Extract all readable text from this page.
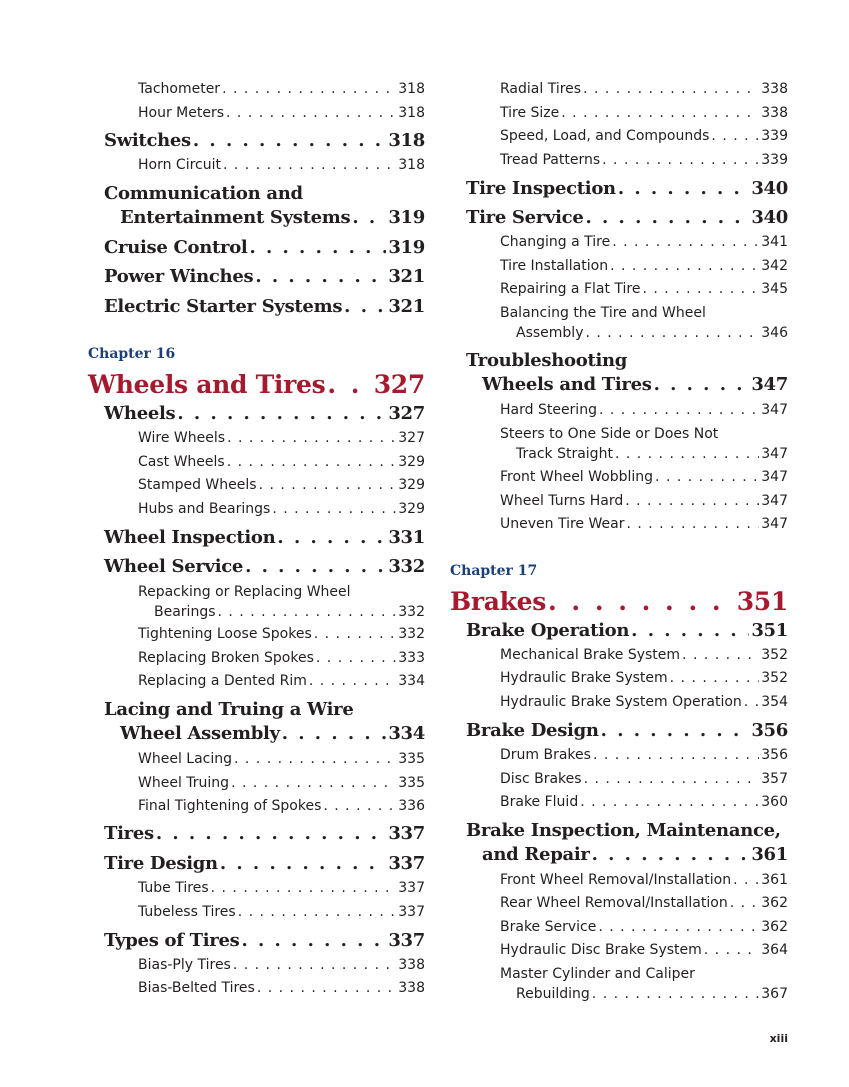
Tachometer . . .	318
Hour Meters . . .	318
Switches . . .	318
Horn Circuit . . .	318
Communication and
Entertainment Systems . . . 319
Cruise Control . . .	319
Power Winches . . .	321
Electric Starter Systems . . .	321
Chapter 16
Wheels and Tires . . . 327
Wheels . . .	327
Wire Wheels . . .	327
Cast Wheels . . .	329
Stamped Wheels . . .	329
Hubs and Bearings . . .	329
Wheel Inspection . . .	331
Wheel Service . . .	332
Repacking or Replacing Wheel
Bearings . . .	332
Tightening Loose Spokes . . .	332
Replacing Broken Spokes . . .	333
Replacing a Dented Rim . . .	334
Lacing and Truing a Wire
Wheel Assembly . . .	334
Wheel Lacing . . .	335
Wheel Truing . . .	335
Final Tightening of Spokes . . .	336
Tires . . .	337
Tire Design . . .	337
Tube Tires . . .	337
Tubeless Tires . . .	337
Types of Tires . . .	337
Bias-Ply Tires . . .	338
Bias-Belted Tires . . .	338
Radial Tires . . .	338
Tire Size . . .	338
Speed, Load, and Compounds . . .	339
Tread Patterns . . .	339
Tire Inspection . . .	340
Tire Service . . .	340
Changing a Tire . . .	341
Tire Installation . . .	342
Repairing a Flat Tire . . .	345
Balancing the Tire and Wheel
Assembly . . .	346
Troubleshooting
Wheels and Tires . . .	347
Hard Steering . . .	347
Steers to One Side or Does Not
Track Straight . . .	347
Front Wheel Wobbling . . .	347
Wheel Turns Hard . . .	347
Uneven Tire Wear . . .	347
Chapter 17
Brakes . . .	351
Brake Operation . . .	351
Mechanical Brake System . . .	352
Hydraulic Brake System . . .	352
Hydraulic Brake System Operation . . . 354
Brake Design . . .	356
Drum Brakes . . .	356
Disc Brakes . . .	357
Brake Fluid . . .	360
Brake Inspection, Maintenance,
and Repair . . .	361
Front Wheel Removal/Installation . . . 361
Rear Wheel Removal/Installation . . . 362
Brake Service . . .	362
Hydraulic Disc Brake System . . .	364
Master Cylinder and Caliper
Rebuilding . . .	367
xiii
